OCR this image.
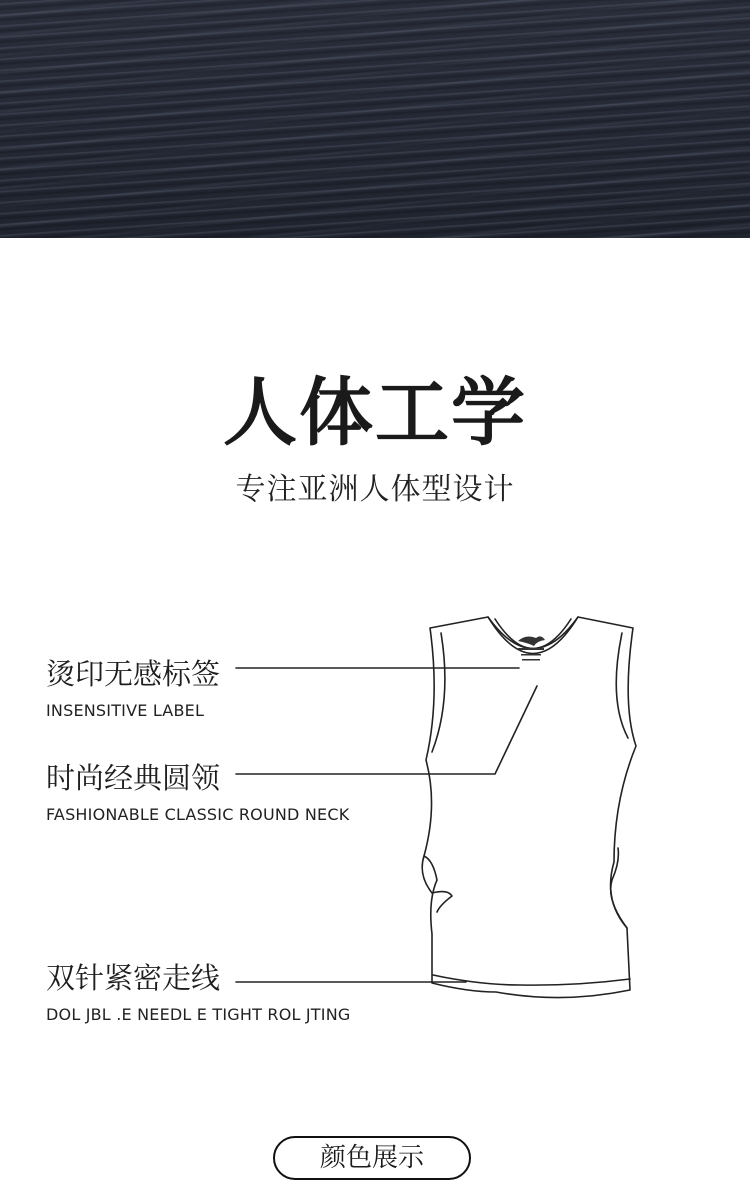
人体工学
专注亚洲人体型设计
烫印无感标签
INSENSITIVE LABEL
时尚经典圆领
FASHIONABLE CLASSIC ROUND NECK
双针紧密走线
DOL JBL .E NEEDL E TIGHT ROL JTING
颜色展示
